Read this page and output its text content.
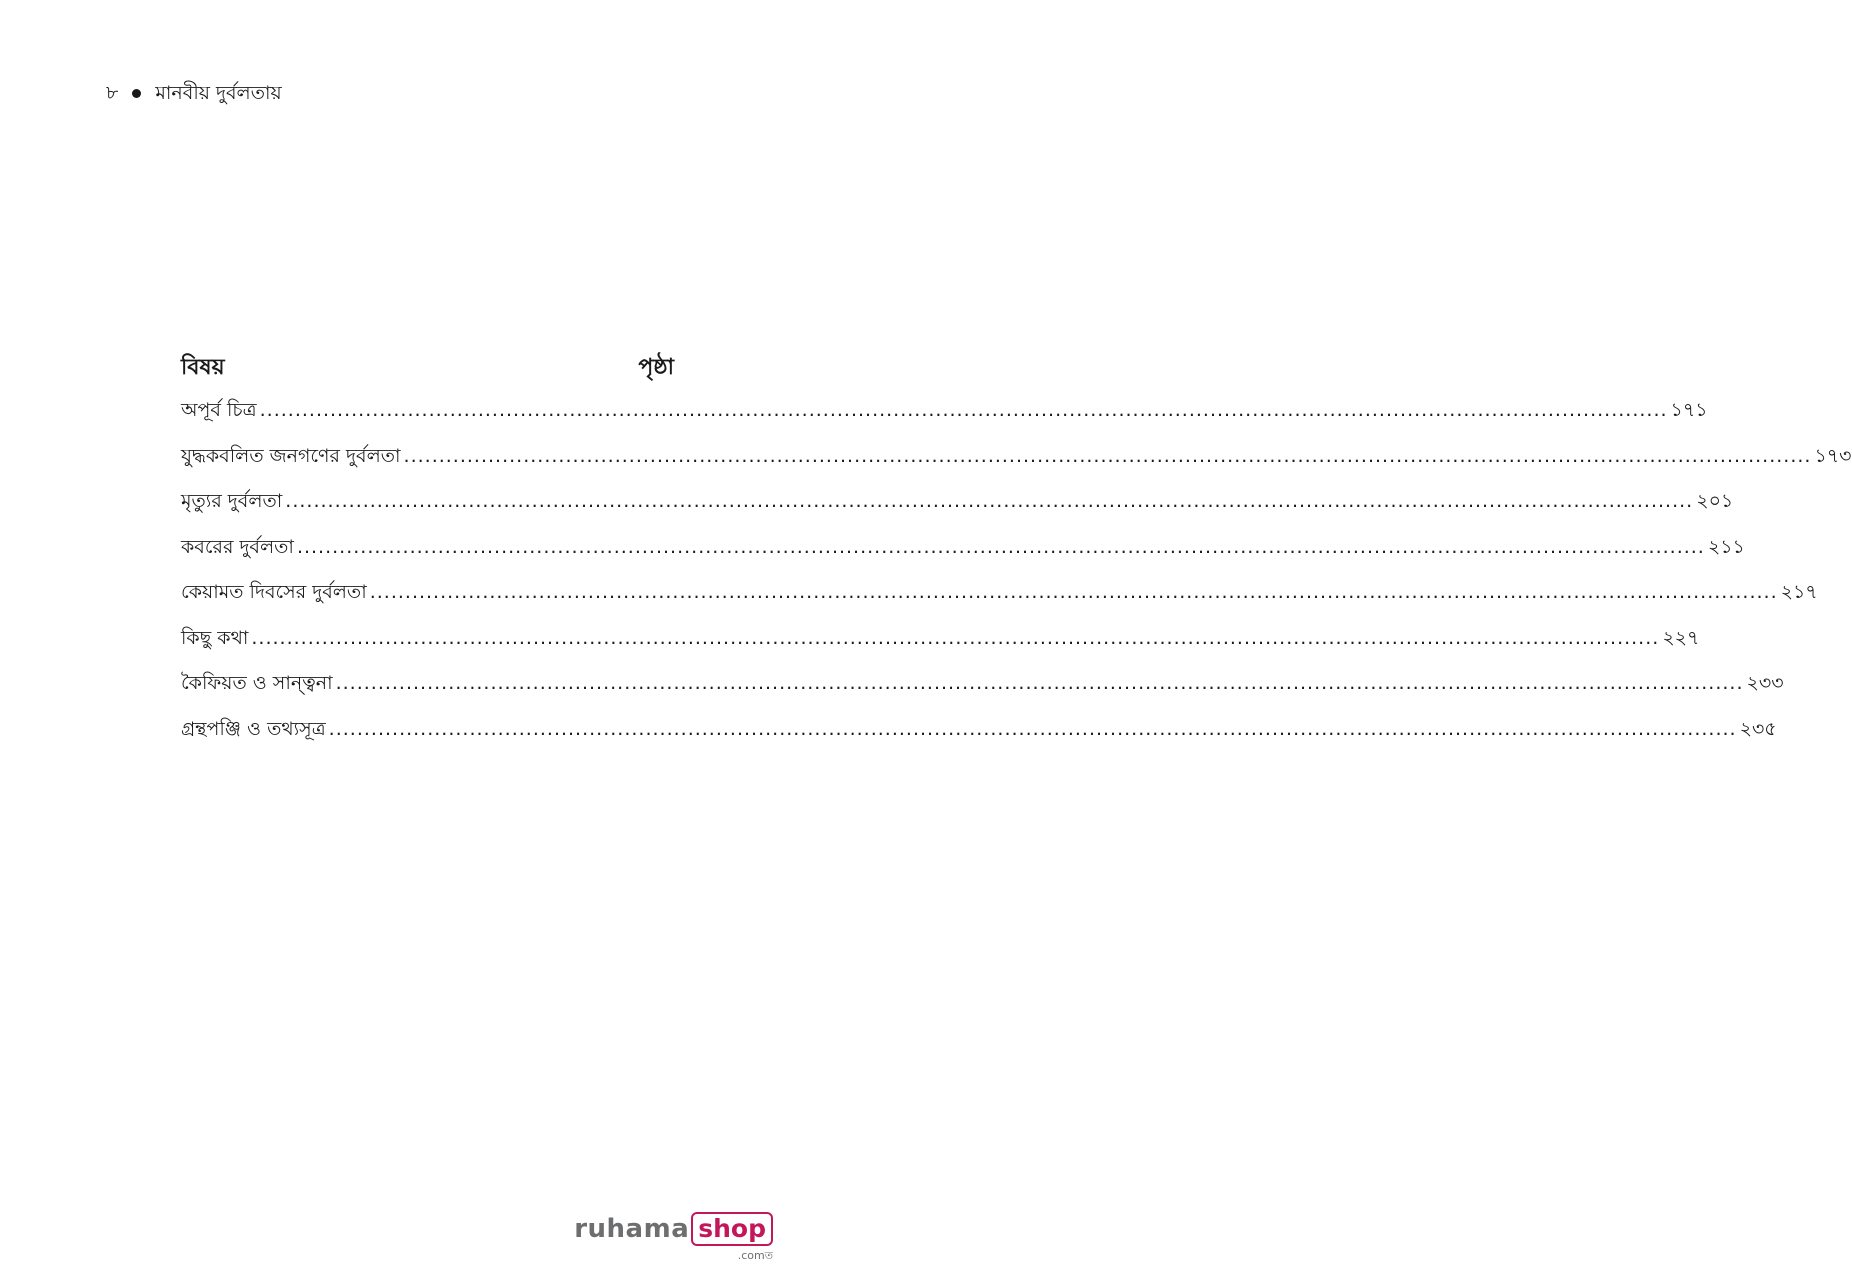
৮ মানবীয় দুর্বলতায়
বিষয়	পৃষ্ঠা
অপূর্ব চিত্র ........................................................................................................................................................................................................ ১৭১
যুদ্ধকবলিত জনগণের দুর্বলতা ........................................................................................................................................................................................................ ১৭৩
মৃত্যুর দুর্বলতা ........................................................................................................................................................................................................ ২০১
কবরের দুর্বলতা ........................................................................................................................................................................................................ ২১১
কেয়ামত দিবসের দুর্বলতা ........................................................................................................................................................................................................ ২১৭
কিছু কথা ........................................................................................................................................................................................................ ২২৭
কৈফিয়ত ও সান্ত্বনা ........................................................................................................................................................................................................ ২৩৩
গ্রন্থপঞ্জি ও তথ্যসূত্র ........................................................................................................................................................................................................ ২৩৫
ruhama shop
.comত
